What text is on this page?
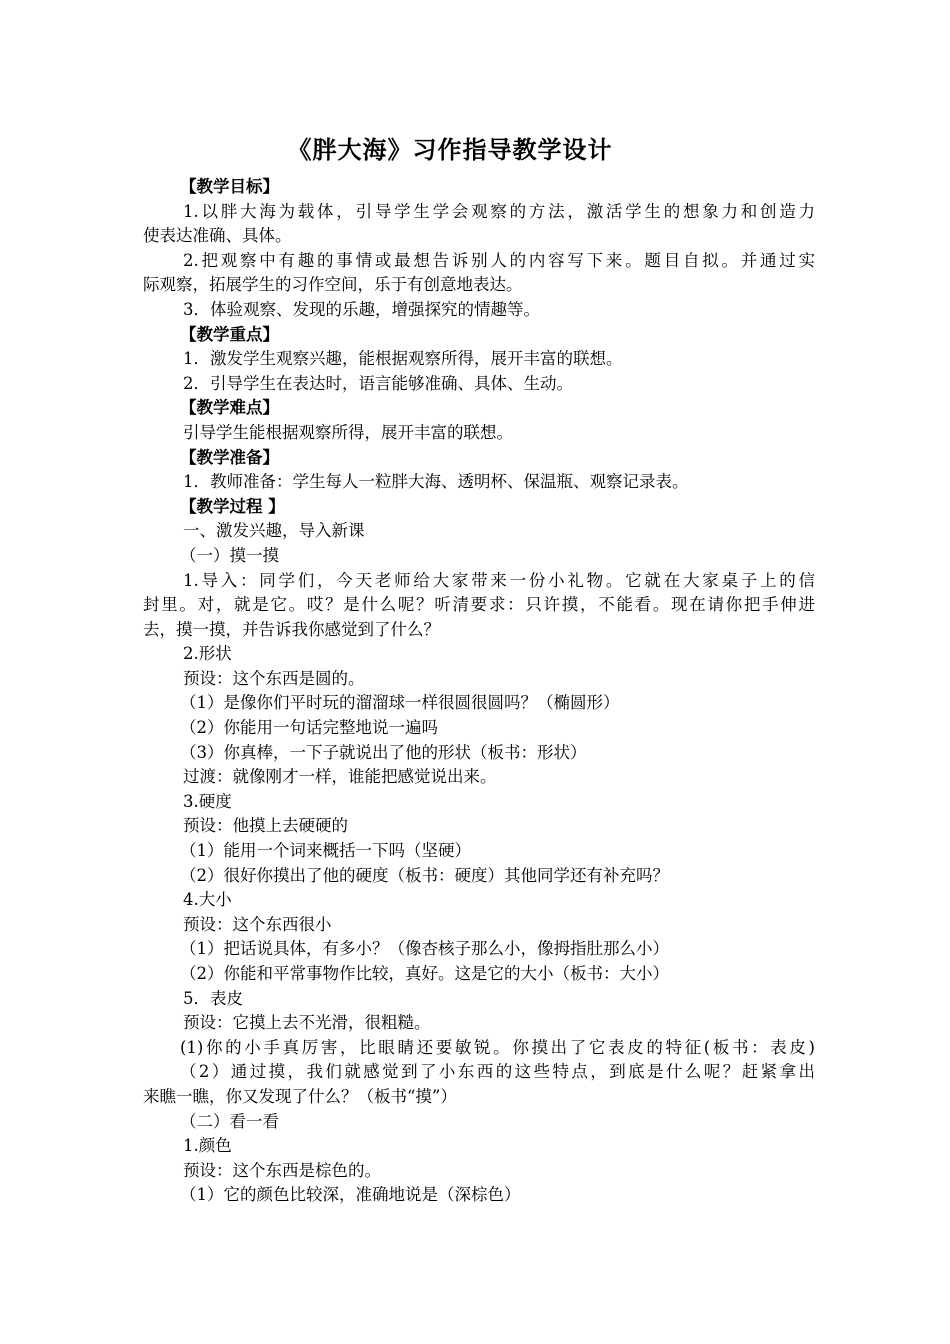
《胖大海》习作指导教学设计
【教学目标】
1.以胖大海为载体，引导学生学会观察的方法，激活学生的想象力和创造力
使表达准确、具体。
2.把观察中有趣的事情或最想告诉别人的内容写下来。题目自拟。并通过实
际观察，拓展学生的习作空间，乐于有创意地表达。
3．体验观察、发现的乐趣，增强探究的情趣等。
【教学重点】
1．激发学生观察兴趣，能根据观察所得，展开丰富的联想。
2．引导学生在表达时，语言能够准确、具体、生动。
【教学难点】
引导学生能根据观察所得，展开丰富的联想。
【教学准备】
1．教师准备：学生每人一粒胖大海、透明杯、保温瓶、观察记录表。
【教学过程 】
一、激发兴趣，导入新课
（一）摸一摸
1.导入：同学们，今天老师给大家带来一份小礼物。它就在大家桌子上的信
封里。对，就是它。哎？是什么呢？听清要求：只许摸，不能看。现在请你把手伸进
去，摸一摸，并告诉我你感觉到了什么？
2.形状
预设：这个东西是圆的。
（1）是像你们平时玩的溜溜球一样很圆很圆吗？（椭圆形）
（2）你能用一句话完整地说一遍吗
（3）你真棒，一下子就说出了他的形状（板书：形状）
过渡：就像刚才一样，谁能把感觉说出来。
3.硬度
预设：他摸上去硬硬的
（1）能用一个词来概括一下吗（坚硬）
（2）很好你摸出了他的硬度（板书：硬度）其他同学还有补充吗？
4.大小
预设：这个东西很小
（1）把话说具体，有多小？（像杏核子那么小，像拇指肚那么小）
（2）你能和平常事物作比较，真好。这是它的大小（板书：大小）
5．表皮
预设：它摸上去不光滑，很粗糙。
(1)你的小手真厉害，比眼睛还要敏锐。你摸出了它表皮的特征(板书：表皮)
（2）通过摸，我们就感觉到了小东西的这些特点，到底是什么呢？赶紧拿出
来瞧一瞧，你又发现了什么？（板书“摸”）
（二）看一看
1.颜色
预设：这个东西是棕色的。
（1）它的颜色比较深，准确地说是（深棕色）
